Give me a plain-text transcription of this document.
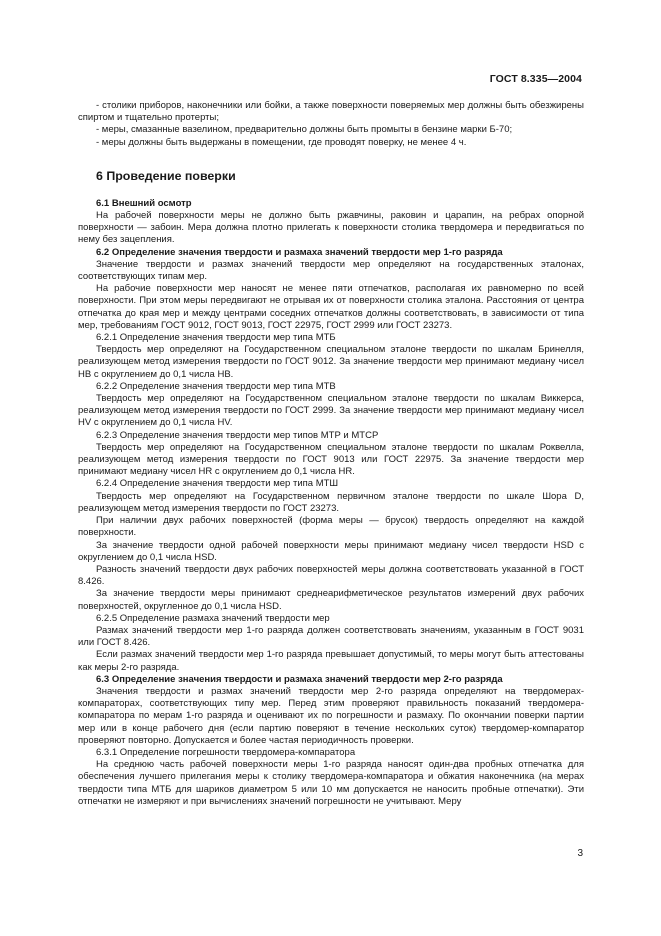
ГОСТ 8.335—2004

- столики приборов, наконечники или бойки, а также поверхности поверяемых мер должны быть обезжирены спиртом и тщательно протерты;

- меры, смазанные вазелином, предварительно должны быть промыты в бензине марки Б-70;

- меры должны быть выдержаны в помещении, где проводят поверку, не менее 4 ч.

6 Проведение поверки

6.1 Внешний осмотр

На рабочей поверхности меры не должно быть ржавчины, раковин и царапин, на ребрах опорной поверхности — забоин. Мера должна плотно прилегать к поверхности столика твердомера и передвигаться по нему без зацепления.

6.2 Определение значения твердости и размаха значений твердости мер 1-го разряда

Значение твердости и размах значений твердости мер определяют на государственных эталонах, соответствующих типам мер.

На рабочие поверхности мер наносят не менее пяти отпечатков, располагая их равномерно по всей поверхности. При этом меры передвигают не отрывая их от поверхности столика эталона. Расстояния от центра отпечатка до края мер и между центрами соседних отпечатков должны соответствовать, в зависимости от типа мер, требованиям ГОСТ 9012, ГОСТ 9013, ГОСТ 22975, ГОСТ 2999 или ГОСТ 23273.

6.2.1 Определение значения твердости мер типа МТБ

Твердость мер определяют на Государственном специальном эталоне твердости по шкалам Бринелля, реализующем метод измерения твердости по ГОСТ 9012. За значение твердости мер принимают медиану чисел НВ с округлением до 0,1 числа НВ.

6.2.2 Определение значения твердости мер типа МТВ

Твердость мер определяют на Государственном специальном эталоне твердости по шкалам Виккерса, реализующем метод измерения твердости по ГОСТ 2999. За значение твердости мер принимают медиану чисел HV с округлением до 0,1 числа HV.

6.2.3 Определение значения твердости мер типов МТР и МТСР

Твердость мер определяют на Государственном специальном эталоне твердости по шкалам Роквелла, реализующем метод измерения твердости по ГОСТ 9013 или ГОСТ 22975. За значение твердости мер принимают медиану чисел HR с округлением до 0,1 числа HR.

6.2.4 Определение значения твердости мер типа МТШ

Твердость мер определяют на Государственном первичном эталоне твердости по шкале Шора D, реализующем метод измерения твердости по ГОСТ 23273.

При наличии двух рабочих поверхностей (форма меры — брусок) твердость определяют на каждой поверхности.

За значение твердости одной рабочей поверхности меры принимают медиану чисел твердости HSD с округлением до 0,1 числа HSD.

Разность значений твердости двух рабочих поверхностей меры должна соответствовать указанной в ГОСТ 8.426.

За значение твердости меры принимают среднеарифметическое результатов измерений двух рабочих поверхностей, округленное до 0,1 числа HSD.

6.2.5 Определение размаха значений твердости мер

Размах значений твердости мер 1-го разряда должен соответствовать значениям, указанным в ГОСТ 9031 или ГОСТ 8.426.

Если размах значений твердости мер 1-го разряда превышает допустимый, то меры могут быть аттестованы как меры 2-го разряда.

6.3 Определение значения твердости и размаха значений твердости мер 2-го разряда

Значения твердости и размах значений твердости мер 2-го разряда определяют на твердомерах-компараторах, соответствующих типу мер. Перед этим проверяют правильность показаний твердомера-компаратора по мерам 1-го разряда и оценивают их по погрешности и размаху. По окончании поверки партии мер или в конце рабочего дня (если партию поверяют в течение нескольких суток) твердомер-компаратор проверяют повторно. Допускается и более частая периодичность проверки.

6.3.1 Определение погрешности твердомера-компаратора

На среднюю часть рабочей поверхности меры 1-го разряда наносят один-два пробных отпечатка для обеспечения лучшего прилегания меры к столику твердомера-компаратора и обжатия наконечника (на мерах твердости типа МТБ для шариков диаметром 5 или 10 мм допускается не наносить пробные отпечатки). Эти отпечатки не измеряют и при вычислениях значений погрешности не учитывают. Меру

3
